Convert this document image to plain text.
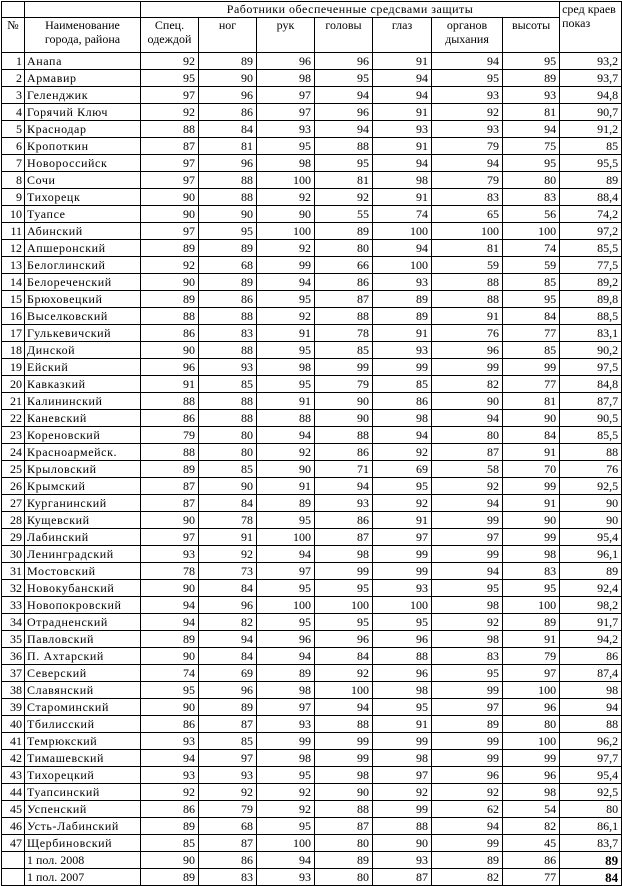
		Работники обеспеченные средсвами защиты							сред краев показ
№	Наименование города, района	Спец. одеждой	ног	рук	головы	глаз	органов дыхания	высоты	
1	Анапа	92	89	96	96	91	94	95	93,2
2	Армавир	95	90	98	95	94	95	89	93,7
3	Геленджик	97	96	97	94	94	93	93	94,8
4	Горячий Ключ	92	86	97	96	91	92	81	90,7
5	Краснодар	88	84	93	94	93	93	94	91,2
6	Кропоткин	87	81	95	88	91	79	75	85
7	Новороссийск	97	96	98	95	94	94	95	95,5
8	Сочи	97	88	100	81	98	79	80	89
9	Тихорецк	90	88	92	92	91	83	83	88,4
10	Туапсе	90	90	90	55	74	65	56	74,2
11	Абинский	97	95	100	89	100	100	100	97,2
12	Апшеронский	89	89	92	80	94	81	74	85,5
13	Белоглинский	92	68	99	66	100	59	59	77,5
14	Белореченский	90	89	94	86	93	88	85	89,2
15	Брюховецкий	89	86	95	87	89	88	95	89,8
16	Выселковский	88	88	92	88	89	91	84	88,5
17	Гулькевичский	86	83	91	78	91	76	77	83,1
18	Динской	90	88	95	85	93	96	85	90,2
19	Ейский	96	93	98	99	99	99	99	97,5
20	Кавказкий	91	85	95	79	85	82	77	84,8
21	Калининский	88	88	91	90	86	90	81	87,7
22	Каневский	86	88	88	90	98	94	90	90,5
23	Кореновский	79	80	94	88	94	80	84	85,5
24	Красноармейск.	88	80	92	86	92	87	91	88
25	Крыловский	89	85	90	71	69	58	70	76
26	Крымский	87	90	91	94	95	92	99	92,5
27	Курганинский	87	84	89	93	92	94	91	90
28	Кущевский	90	78	95	86	91	99	90	90
29	Лабинский	97	91	100	87	97	97	99	95,4
30	Ленинградский	93	92	94	98	99	99	98	96,1
31	Мостовский	78	73	97	99	99	94	83	89
32	Новокубанский	90	84	95	95	93	95	95	92,4
33	Новопокровский	94	96	100	100	100	98	100	98,2
34	Отрадненский	94	82	95	95	95	92	89	91,7
35	Павловский	89	94	96	96	96	98	91	94,2
36	П. Ахтарский	90	84	94	84	88	83	79	86
37	Северский	74	69	89	92	96	95	97	87,4
38	Славянский	95	96	98	100	98	99	100	98
39	Староминский	90	89	97	94	95	97	96	94
40	Тбилисский	86	87	93	88	91	89	80	88
41	Темрюкский	93	85	99	99	99	99	100	96,2
42	Тимашевский	94	97	98	99	98	99	99	97,7
43	Тихорецкий	93	93	95	98	97	96	96	95,4
44	Туапсинский	92	92	92	90	92	92	98	92,5
45	Успенский	86	79	92	88	99	62	54	80
46	Усть-Лабинский	89	68	95	87	88	94	82	86,1
47	Щербиновский	85	87	100	80	90	99	45	83,7
	1 пол. 2008	90	86	94	89	93	89	86	89
	1 пол. 2007	89	83	93	80	87	82	77	84
